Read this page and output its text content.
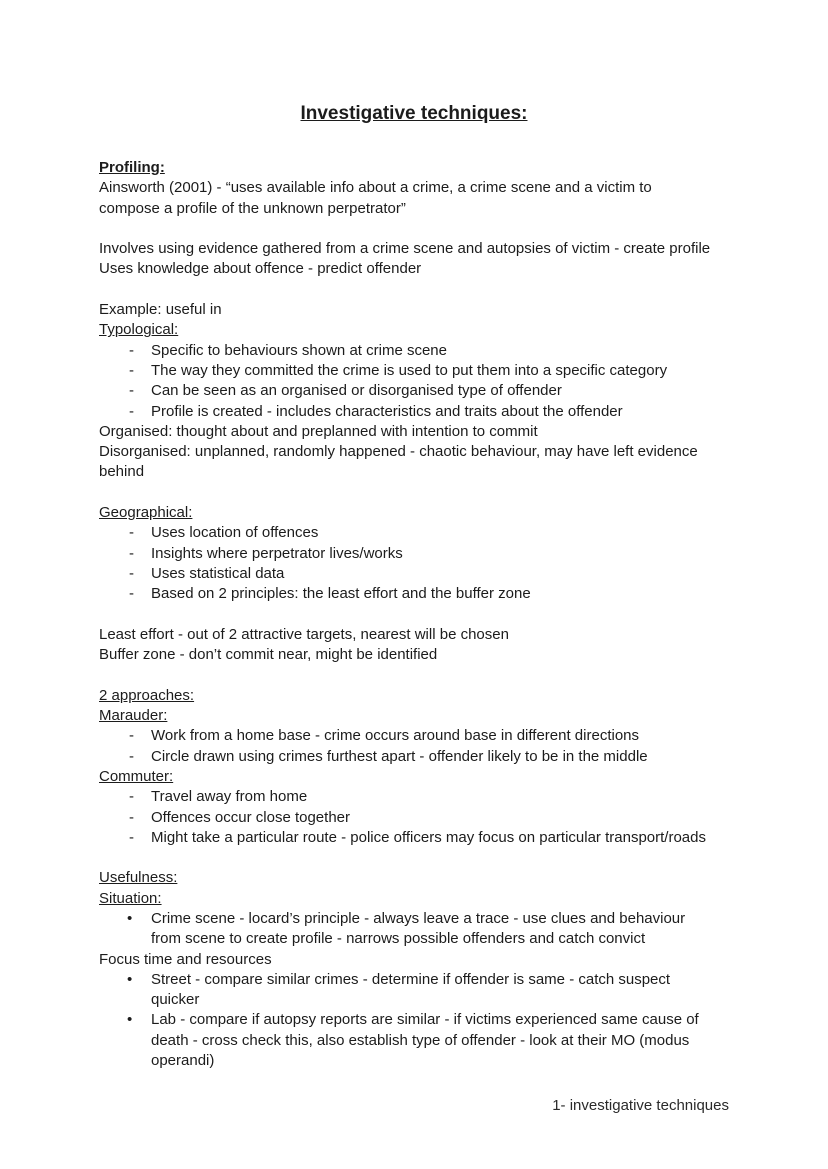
Investigative techniques:
Profiling:
Ainsworth (2001) - “uses available info about a crime, a crime scene and a victim to
compose a profile of the unknown perpetrator”
Involves using evidence gathered from a crime scene and autopsies of victim - create profile
Uses knowledge about offence - predict offender
Example: useful in
Typological:
- Specific to behaviours shown at crime scene
- The way they committed the crime is used to put them into a specific category
- Can be seen as an organised or disorganised type of offender
- Profile is created - includes characteristics and traits about the offender
Organised: thought about and preplanned with intention to commit
Disorganised: unplanned, randomly happened - chaotic behaviour, may have left evidence
behind
Geographical:
- Uses location of offences
- Insights where perpetrator lives/works
- Uses statistical data
- Based on 2 principles: the least effort and the buffer zone
Least effort - out of 2 attractive targets, nearest will be chosen
Buffer zone - don’t commit near, might be identified
2 approaches:
Marauder:
- Work from a home base - crime occurs around base in different directions
- Circle drawn using crimes furthest apart - offender likely to be in the middle
Commuter:
- Travel away from home
- Offences occur close together
- Might take a particular route - police officers may focus on particular transport/roads
Usefulness:
Situation:
• Crime scene - locard’s principle - always leave a trace - use clues and behaviour
from scene to create profile - narrows possible offenders and catch convict
Focus time and resources
• Street - compare similar crimes - determine if offender is same - catch suspect
quicker
• Lab - compare if autopsy reports are similar - if victims experienced same cause of
death - cross check this, also establish type of offender - look at their MO (modus
operandi)
1- investigative techniques
